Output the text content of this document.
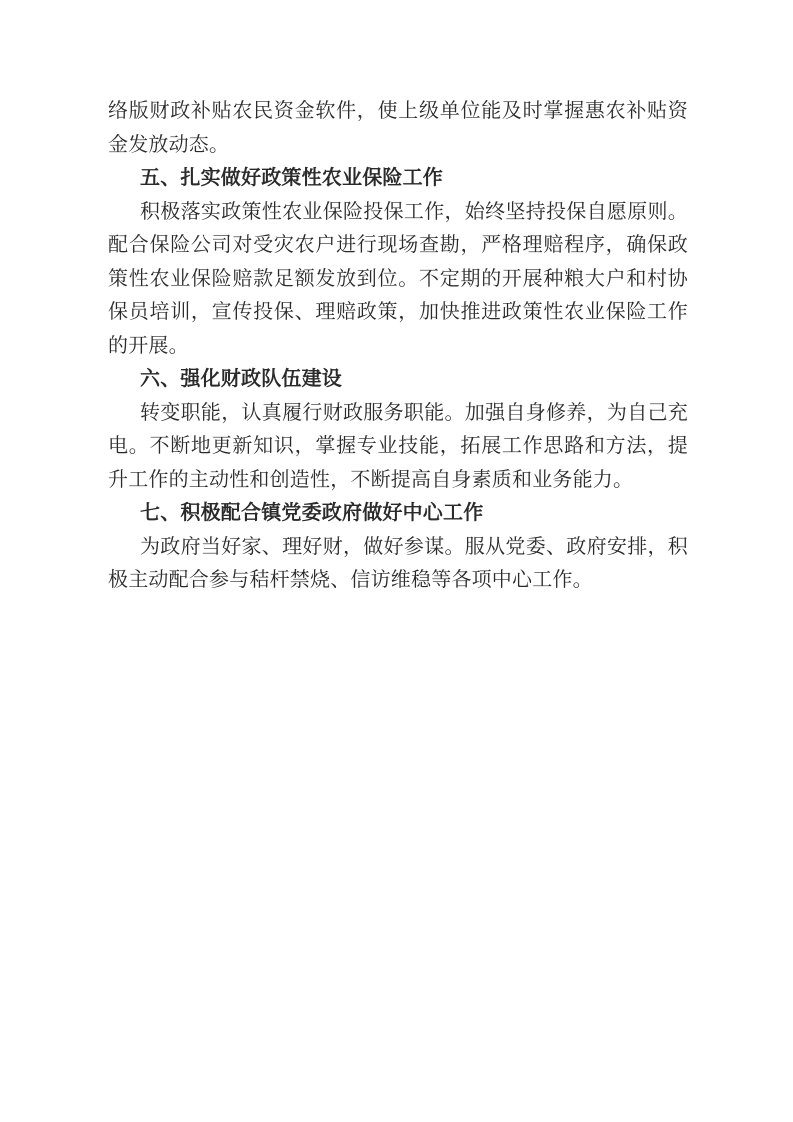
络版财政补贴农民资金软件，使上级单位能及时掌握惠农补贴资金发放动态。

五、扎实做好政策性农业保险工作

积极落实政策性农业保险投保工作，始终坚持投保自愿原则。配合保险公司对受灾农户进行现场查勘，严格理赔程序，确保政策性农业保险赔款足额发放到位。不定期的开展种粮大户和村协保员培训，宣传投保、理赔政策，加快推进政策性农业保险工作的开展。

六、强化财政队伍建设

转变职能，认真履行财政服务职能。加强自身修养，为自己充电。不断地更新知识，掌握专业技能，拓展工作思路和方法，提升工作的主动性和创造性，不断提高自身素质和业务能力。

七、积极配合镇党委政府做好中心工作

为政府当好家、理好财，做好参谋。服从党委、政府安排，积极主动配合参与秸杆禁烧、信访维稳等各项中心工作。
